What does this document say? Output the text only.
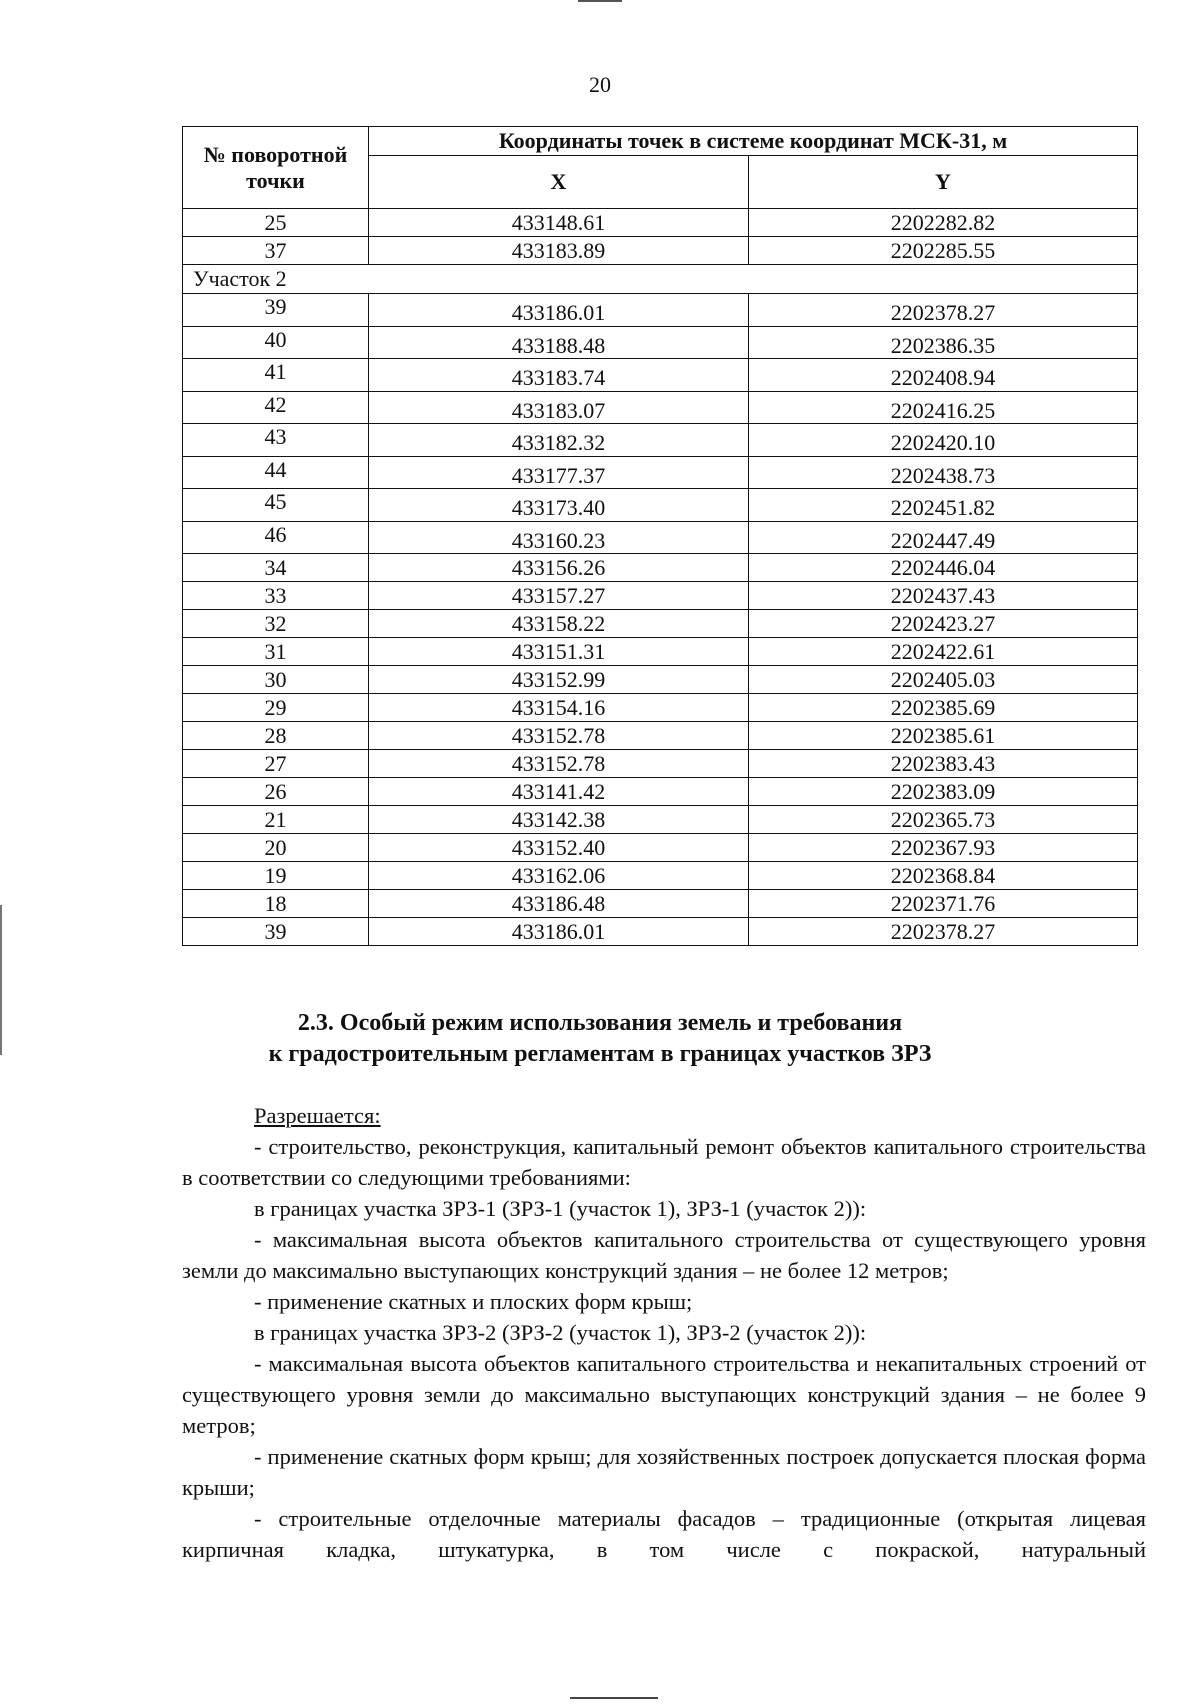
20
№ поворотной точки	Координаты точек в системе координат МСК-31, м	
	X	Y
25	433148.61	2202282.82
37	433183.89	2202285.55
Участок 2		
39	433186.01	2202378.27
40	433188.48	2202386.35
41	433183.74	2202408.94
42	433183.07	2202416.25
43	433182.32	2202420.10
44	433177.37	2202438.73
45	433173.40	2202451.82
46	433160.23	2202447.49
34	433156.26	2202446.04
33	433157.27	2202437.43
32	433158.22	2202423.27
31	433151.31	2202422.61
30	433152.99	2202405.03
29	433154.16	2202385.69
28	433152.78	2202385.61
27	433152.78	2202383.43
26	433141.42	2202383.09
21	433142.38	2202365.73
20	433152.40	2202367.93
19	433162.06	2202368.84
18	433186.48	2202371.76
39	433186.01	2202378.27
2.3. Особый режим использования земель и требования
к градостроительным регламентам в границах участков ЗРЗ

Разрешается:

- строительство, реконструкция, капитальный ремонт объектов капитального строительства в соответствии со следующими требованиями:

в границах участка ЗРЗ-1 (ЗРЗ-1 (участок 1), ЗРЗ-1 (участок 2)):

- максимальная высота объектов капитального строительства от существующего уровня земли до максимально выступающих конструкций здания – не более 12 метров;

- применение скатных и плоских форм крыш;

в границах участка ЗРЗ-2 (ЗРЗ-2 (участок 1), ЗРЗ-2 (участок 2)):

- максимальная высота объектов капитального строительства и некапитальных строений от существующего уровня земли до максимально выступающих конструкций здания – не более 9 метров;

- применение скатных форм крыш; для хозяйственных построек допускается плоская форма крыши;

- строительные отделочные материалы фасадов – традиционные (открытая лицевая кирпичная кладка, штукатурка, в том числе с покраской, натуральный
